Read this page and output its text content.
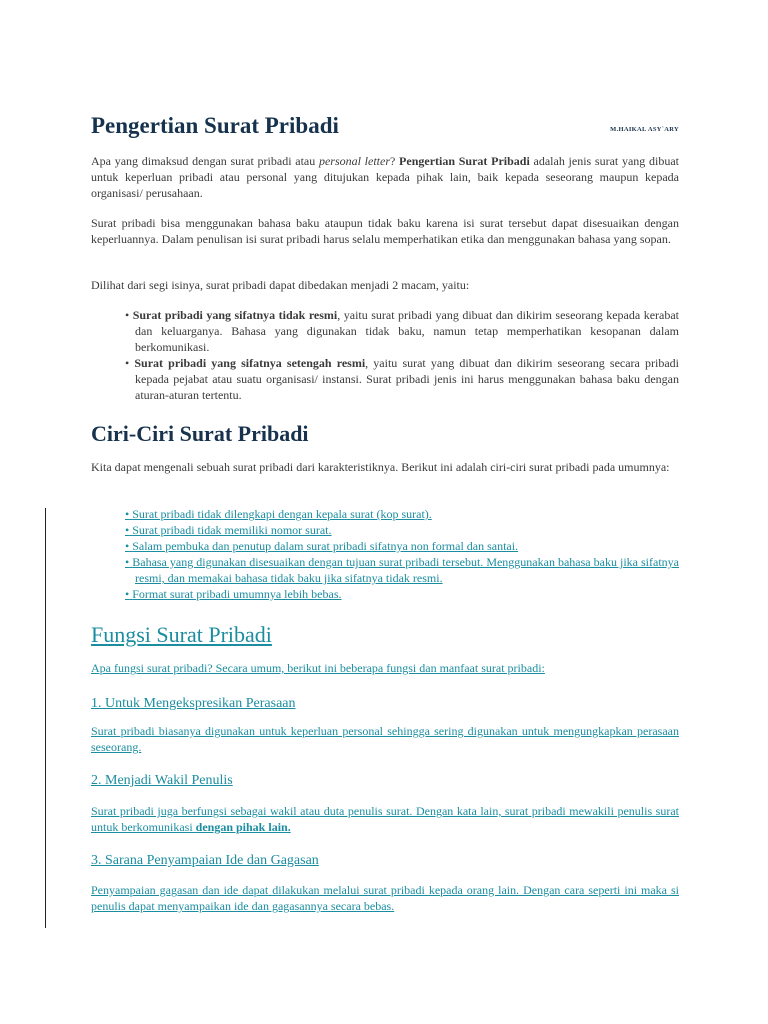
Pengertian Surat Pribadi	M.HAIKAL ASY`ARY

Apa yang dimaksud dengan surat pribadi atau personal letter? Pengertian Surat Pribadi adalah jenis surat yang dibuat untuk keperluan pribadi atau personal yang ditujukan kepada pihak lain, baik kepada seseorang maupun kepada organisasi/ perusahaan.

Surat pribadi bisa menggunakan bahasa baku ataupun tidak baku karena isi surat tersebut dapat disesuaikan dengan keperluannya. Dalam penulisan isi surat pribadi harus selalu memperhatikan etika dan menggunakan bahasa yang sopan.

Dilihat dari segi isinya, surat pribadi dapat dibedakan menjadi 2 macam, yaitu:

• Surat pribadi yang sifatnya tidak resmi, yaitu surat pribadi yang dibuat dan dikirim seseorang kepada kerabat dan keluarganya. Bahasa yang digunakan tidak baku, namun tetap memperhatikan kesopanan dalam berkomunikasi.
• Surat pribadi yang sifatnya setengah resmi, yaitu surat yang dibuat dan dikirim seseorang secara pribadi kepada pejabat atau suatu organisasi/ instansi. Surat pribadi jenis ini harus menggunakan bahasa baku dengan aturan-aturan tertentu.
Ciri-Ciri Surat Pribadi

Kita dapat mengenali sebuah surat pribadi dari karakteristiknya. Berikut ini adalah ciri-ciri surat pribadi pada umumnya:

• Surat pribadi tidak dilengkapi dengan kepala surat (kop surat).
• Surat pribadi tidak memiliki nomor surat.
• Salam pembuka dan penutup dalam surat pribadi sifatnya non formal dan santai.
• Bahasa yang digunakan disesuaikan dengan tujuan surat pribadi tersebut. Menggunakan bahasa baku jika sifatnya resmi, dan memakai bahasa tidak baku jika sifatnya tidak resmi.
• Format surat pribadi umumnya lebih bebas.
Fungsi Surat Pribadi

Apa fungsi surat pribadi? Secara umum, berikut ini beberapa fungsi dan manfaat surat pribadi:

1. Untuk Mengekspresikan Perasaan

Surat pribadi biasanya digunakan untuk keperluan personal sehingga sering digunakan untuk mengungkapkan perasaan seseorang.

2. Menjadi Wakil Penulis

Surat pribadi juga berfungsi sebagai wakil atau duta penulis surat. Dengan kata lain, surat pribadi mewakili penulis surat untuk berkomunikasi dengan pihak lain.

3. Sarana Penyampaian Ide dan Gagasan

Penyampaian gagasan dan ide dapat dilakukan melalui surat pribadi kepada orang lain. Dengan cara seperti ini maka si penulis dapat menyampaikan ide dan gagasannya secara bebas.
